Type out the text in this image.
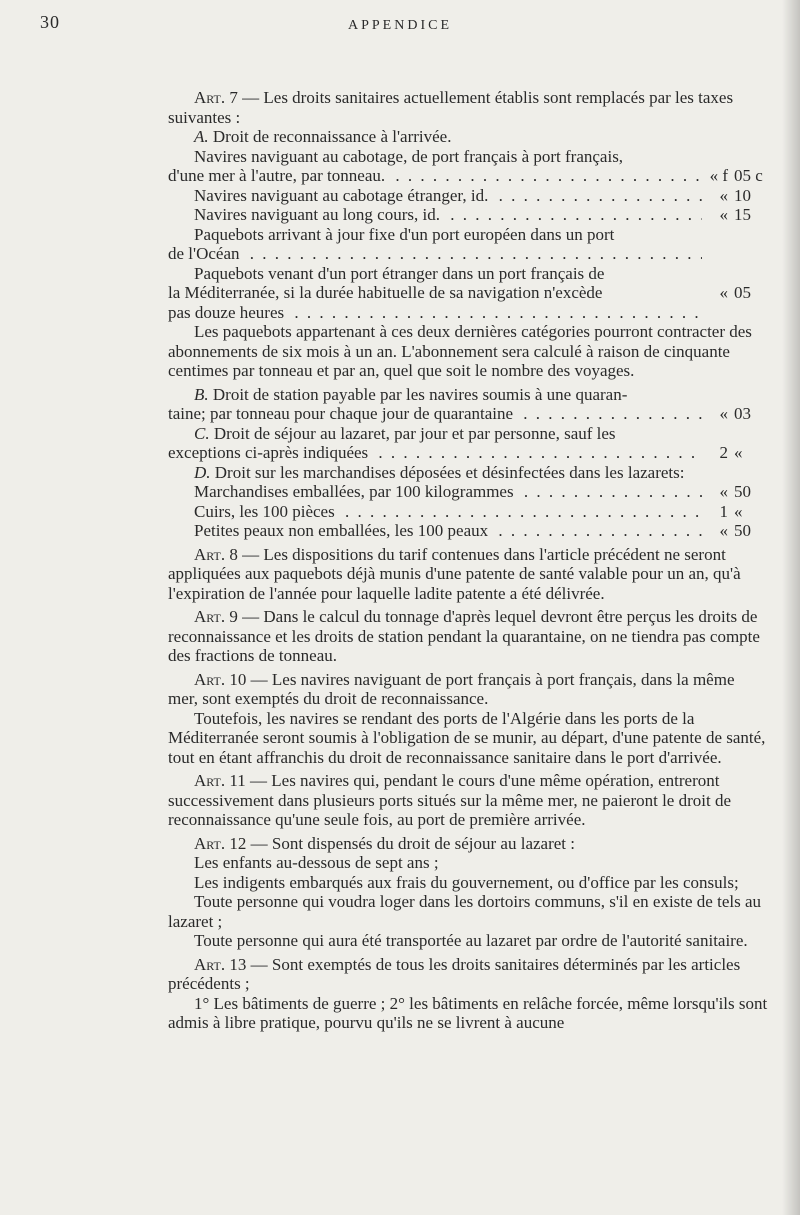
30	APPENDICE

Art. 7 — Les droits sanitaires actuellement établis sont remplacés par les taxes suivantes :

A. Droit de reconnaissance à l'arrivée.

Navires naviguant au cabotage, de port français à port français,

d'une mer à l'autre, par tonneau. . . .	« f 05 c
Navires naviguant au cabotage étranger, id. . . .	« 10
Navires naviguant au long cours, id. . . .	« 15

Paquebots arrivant à jour fixe d'un port européen dans un port

de l'Océan . . .

Paquebots venant d'un port étranger dans un port français de

la Méditerranée, si la durée habituelle de sa navigation n'excède	« 05
pas douze heures . . .

Les paquebots appartenant à ces deux dernières catégories pourront contracter des abonnements de six mois à un an. L'abonnement sera calculé à raison de cinquante centimes par tonneau et par an, quel que soit le nombre des voyages.

B. Droit de station payable par les navires soumis à une quaran-

taine; par tonneau pour chaque jour de quarantaine . . .	« 03

C. Droit de séjour au lazaret, par jour et par personne, sauf les

exceptions ci-après indiquées . . .	2 «

D. Droit sur les marchandises déposées et désinfectées dans les lazarets:

Marchandises emballées, par 100 kilogrammes . . .	« 50
Cuirs, les 100 pièces . . .	1 «
Petites peaux non emballées, les 100 peaux . . .	« 50

Art. 8 — Les dispositions du tarif contenues dans l'article précédent ne seront appliquées aux paquebots déjà munis d'une patente de santé valable pour un an, qu'à l'expiration de l'année pour laquelle ladite patente a été délivrée.

Art. 9 — Dans le calcul du tonnage d'après lequel devront être perçus les droits de reconnaissance et les droits de station pendant la quarantaine, on ne tiendra pas compte des fractions de tonneau.

Art. 10 — Les navires naviguant de port français à port français, dans la même mer, sont exemptés du droit de reconnaissance.

Toutefois, les navires se rendant des ports de l'Algérie dans les ports de la Méditerranée seront soumis à l'obligation de se munir, au départ, d'une patente de santé, tout en étant affranchis du droit de reconnaissance sanitaire dans le port d'arrivée.

Art. 11 — Les navires qui, pendant le cours d'une même opération, entreront successivement dans plusieurs ports situés sur la même mer, ne paieront le droit de reconnaissance qu'une seule fois, au port de première arrivée.

Art. 12 — Sont dispensés du droit de séjour au lazaret :

Les enfants au-dessous de sept ans ;

Les indigents embarqués aux frais du gouvernement, ou d'office par les consuls;

Toute personne qui voudra loger dans les dortoirs communs, s'il en existe de tels au lazaret ;

Toute personne qui aura été transportée au lazaret par ordre de l'autorité sanitaire.

Art. 13 — Sont exemptés de tous les droits sanitaires déterminés par les articles précédents ;

1° Les bâtiments de guerre ; 2° les bâtiments en relâche forcée, même lorsqu'ils sont admis à libre pratique, pourvu qu'ils ne se livrent à aucune
